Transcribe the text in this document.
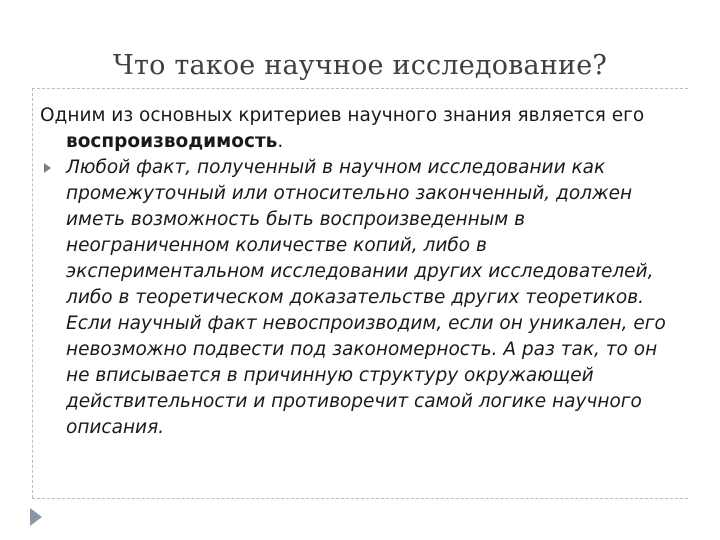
Что такое научное исследование?
Одним из основных критериев научного знания является его воспроизводимость.
Любой факт, полученный в научном исследовании как промежуточный или относительно законченный, должен иметь возможность быть воспроизведенным в неограниченном количестве копий, либо в экспериментальном исследовании других исследователей, либо в теоретическом доказательстве других теоретиков. Если научный факт невоспроизводим, если он уникален, его невозможно подвести под закономерность. А раз так, то он не вписывается в причинную структуру окружающей действительности и противоречит самой логике научного описания.
